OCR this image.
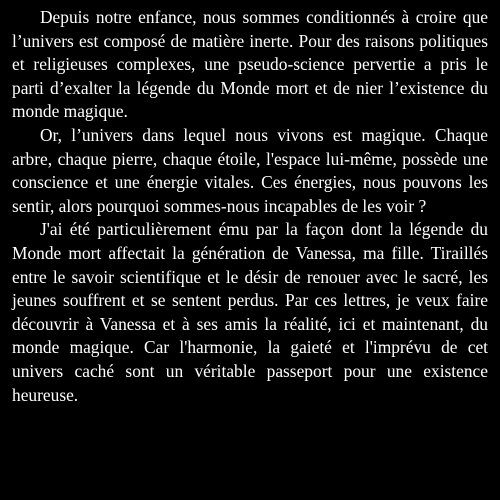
Depuis notre enfance, nous sommes conditionnés à croire que l’univers est composé de matière inerte. Pour des raisons politiques et religieuses complexes, une pseudo-science pervertie a pris le parti d’exalter la légende du Monde mort et de nier l’existence du monde magique.

Or, l’univers dans lequel nous vivons est magique. Chaque arbre, chaque pierre, chaque étoile, l'espace lui-même, possède une conscience et une énergie vitales. Ces énergies, nous pouvons les sentir, alors pourquoi sommes-nous incapables de les voir ?

J'ai été particulièrement ému par la façon dont la légende du Monde mort affectait la génération de Vanessa, ma fille. Tiraillés entre le savoir scientifique et le désir de renouer avec le sacré, les jeunes souffrent et se sentent perdus. Par ces lettres, je veux faire découvrir à Vanessa et à ses amis la réalité, ici et maintenant, du monde magique. Car l'harmonie, la gaieté et l'imprévu de cet univers caché sont un véritable passeport pour une existence heureuse.
